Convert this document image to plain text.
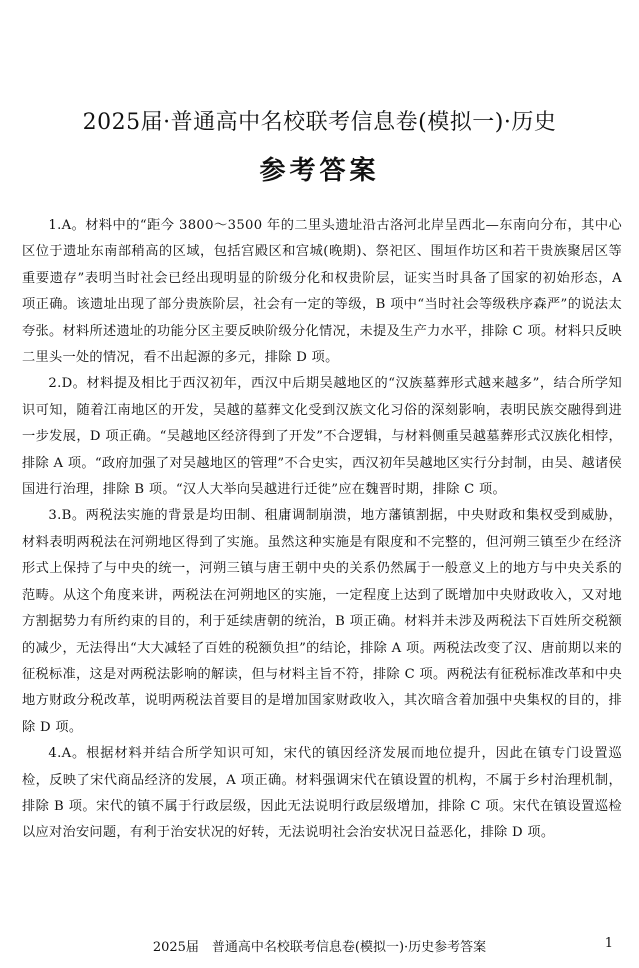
2025届·普通高中名校联考信息卷(模拟一)·历史
参考答案

1.A。材料中的“距今 3800～3500 年的二里头遗址沿古洛河北岸呈西北—东南向分布，其中心区位于遗址东南部稍高的区域，包括宫殿区和宫城(晚期)、祭祀区、围垣作坊区和若干贵族聚居区等重要遗存”表明当时社会已经出现明显的阶级分化和权贵阶层，证实当时具备了国家的初始形态，A 项正确。该遗址出现了部分贵族阶层，社会有一定的等级，B 项中“当时社会等级秩序森严”的说法太夸张。材料所述遗址的功能分区主要反映阶级分化情况，未提及生产力水平，排除 C 项。材料只反映二里头一处的情况，看不出起源的多元，排除 D 项。

2.D。材料提及相比于西汉初年，西汉中后期吴越地区的“汉族墓葬形式越来越多”，结合所学知识可知，随着江南地区的开发，吴越的墓葬文化受到汉族文化习俗的深刻影响，表明民族交融得到进一步发展，D 项正确。“吴越地区经济得到了开发”不合逻辑，与材料侧重吴越墓葬形式汉族化相悖，排除 A 项。“政府加强了对吴越地区的管理”不合史实，西汉初年吴越地区实行分封制，由吴、越诸侯国进行治理，排除 B 项。“汉人大举向吴越进行迁徙”应在魏晋时期，排除 C 项。

3.B。两税法实施的背景是均田制、租庸调制崩溃，地方藩镇割据，中央财政和集权受到威胁，材料表明两税法在河朔地区得到了实施。虽然这种实施是有限度和不完整的，但河朔三镇至少在经济形式上保持了与中央的统一，河朔三镇与唐王朝中央的关系仍然属于一般意义上的地方与中央关系的范畴。从这个角度来讲，两税法在河朔地区的实施，一定程度上达到了既增加中央财政收入，又对地方割据势力有所约束的目的，利于延续唐朝的统治，B 项正确。材料并未涉及两税法下百姓所交税额的减少，无法得出“大大减轻了百姓的税额负担”的结论，排除 A 项。两税法改变了汉、唐前期以来的征税标准，这是对两税法影响的解读，但与材料主旨不符，排除 C 项。两税法有征税标准改革和中央地方财政分税改革，说明两税法首要目的是增加国家财政收入，其次暗含着加强中央集权的目的，排除 D 项。

4.A。根据材料并结合所学知识可知，宋代的镇因经济发展而地位提升，因此在镇专门设置巡检，反映了宋代商品经济的发展，A 项正确。材料强调宋代在镇设置的机构，不属于乡村治理机制，排除 B 项。宋代的镇不属于行政层级，因此无法说明行政层级增加，排除 C 项。宋代在镇设置巡检以应对治安问题，有利于治安状况的好转，无法说明社会治安状况日益恶化，排除 D 项。

2025届　普通高中名校联考信息卷(模拟一)·历史参考答案	1
